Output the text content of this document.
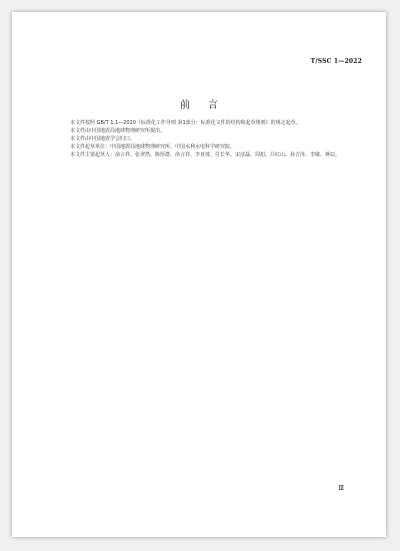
T/SSC 1—2022
前言

本文件按照 GB/T 1.1—2020《标准化工作导则 第1部分：标准化文件的结构和起草规则》的规定起草。

本文件由中国地震局地球物理研究所提出。

本文件由中国地震学会归口。

本文件起草单位：中国地震局地球物理研究所、中国水利水电科学研究院。

本文件主要起草人：俞言祥、张翠然、陈厚群、俞言祥、李亚琦、付长华、宋彦磊、周旭、吕红山、孙吉泽、李敏、蒋辰。

Ⅲ
